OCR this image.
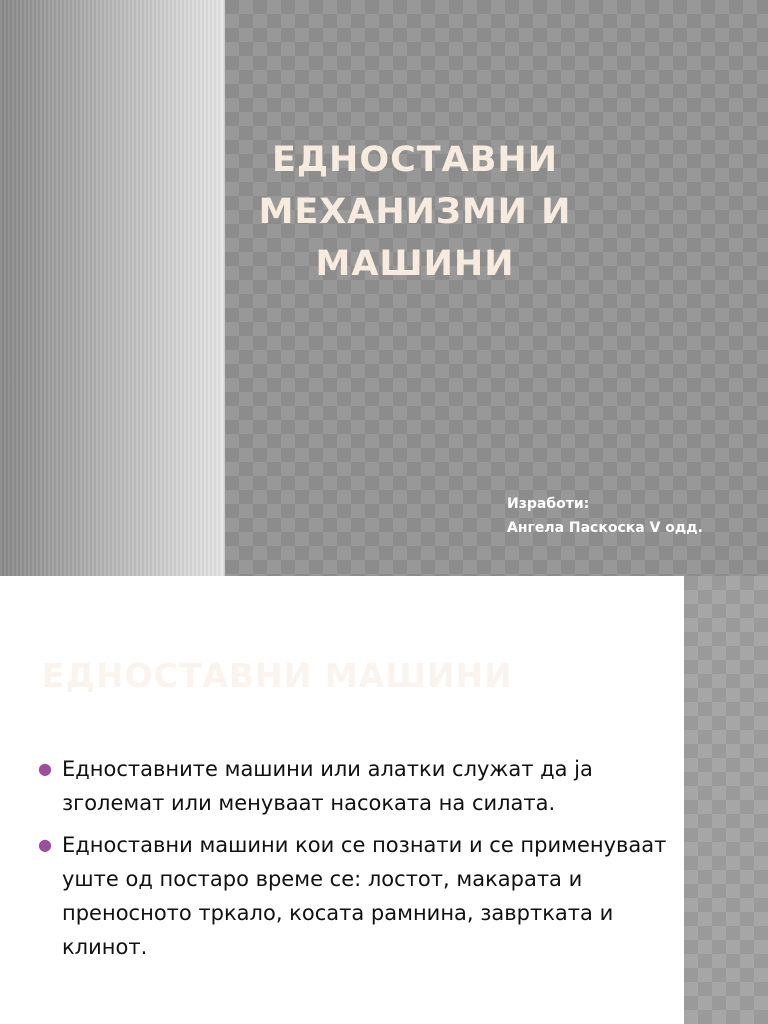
ЕДНОСТАВНИ
МЕХАНИЗМИ И
МАШИНИ
Изработи:
Ангела Паскоска V одд.
ЕДНОСТАВНИ МАШИНИ
● Едноставните машини или алатки служат да ја зголемат или менуваат насоката на силата.
● Едноставни машини кои се познати и се применуваат уште од постаро време се: лостот, макарата и преносното тркало, косата рамнина, завртката и клинот.
